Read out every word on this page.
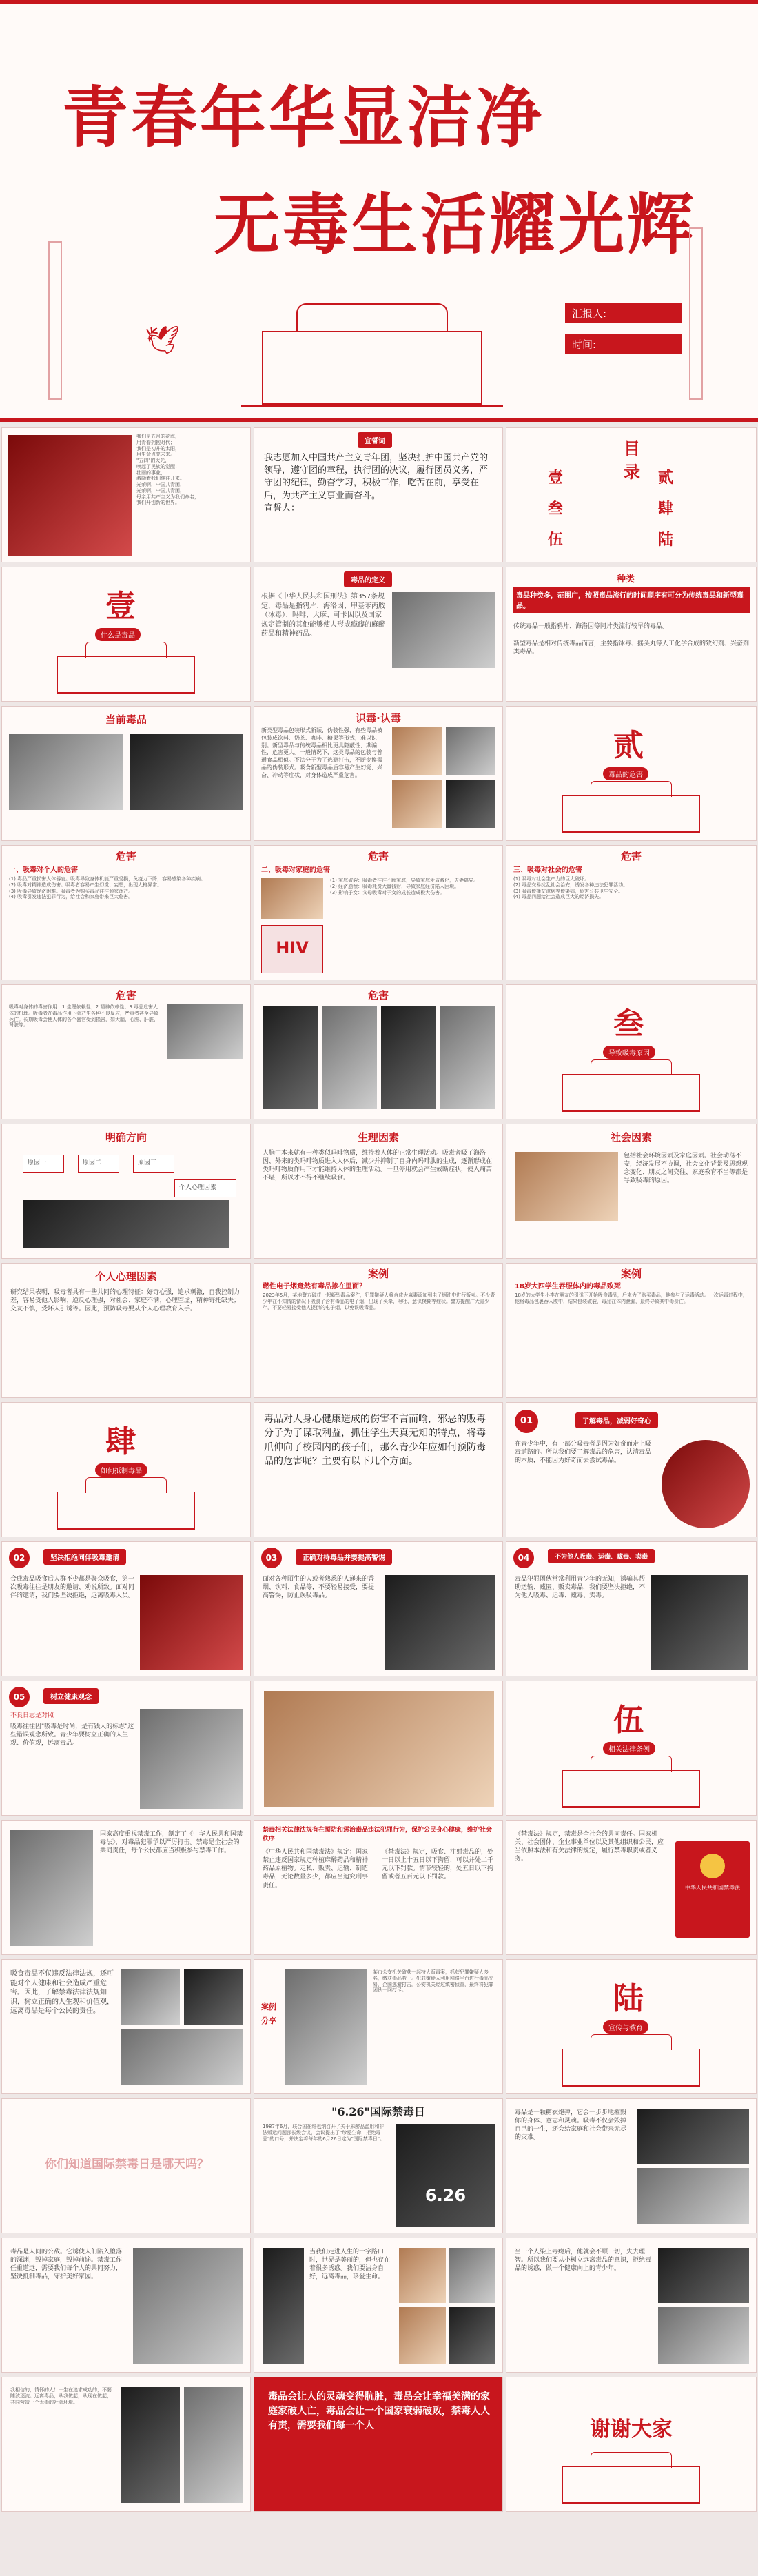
青春年华显洁净
无毒生活耀光辉
🕊
汇报人:
时间:
我们是五月的花海，
用青春拥抱时代；
我们是初升的太阳，
用生命点亮未来。
"五四"的火光，
唤起了民族的觉醒；
壮丽的事业，
激励着我们继往开来。
光荣啊，中国共青团，
光荣啊，中国共青团，
母亲用共产主义为我们命名，
我们开创新的世界。
宣誓词
我志愿加入中国共产主义青年团，坚决拥护中国共产党的领导，遵守团的章程，执行团的决议，履行团员义务，严守团的纪律，勤奋学习，积极工作，吃苦在前，享受在后，为共产主义事业而奋斗。
宣誓人：
目
录
壹	贰
叁	肆
伍	陆
壹
什么是毒品
毒品的定义
根据《中华人民共和国刑法》第357条规定，毒品是指鸦片、海洛因、甲基苯丙胺（冰毒）、吗啡、大麻、可卡因以及国家规定管制的其他能够使人形成瘾癖的麻醉药品和精神药品。
种类
毒品种类多，范围广，按照毒品流行的时间顺序有可分为传统毒品和新型毒品。
传统毒品一般指鸦片、海洛因等阿片类流行较早的毒品。
新型毒品是相对传统毒品而言，主要指冰毒、摇头丸等人工化学合成的致幻剂、兴奋剂类毒品。
当前毒品	识毒·认毒
新类型毒品包装形式新颖，伪装性强，有些毒品被包装成饮料、奶茶、咖啡、糖果等形式，难以识别。新型毒品与传统毒品相比更具隐蔽性、欺骗性，危害更大。一般情况下，这类毒品的包装与普通食品相似。不法分子为了逃避打击，不断变换毒品的伪装形式。吸食新型毒品后容易产生幻觉、兴奋、冲动等症状，对身体造成严重危害。
贰
毒品的危害
危害
一、吸毒对个人的危害
(1) 毒品严重损害人体器官。吸毒导致身体机能严重受损，免疫力下降，容易感染各种疾病。
(2) 吸毒对精神造成伤害。吸毒者容易产生幻觉、妄想，出现人格异常。
(3) 吸毒导致经济困难。吸毒者为购买毒品往往倾家荡产。
(4) 吸毒引发违法犯罪行为，给社会和家庭带来巨大危害。
危害
二、吸毒对家庭的危害
HIV
(1) 家庭破裂：吸毒者往往不顾家庭，导致家庭矛盾激化，夫妻离异。
(2) 经济崩溃：吸毒耗费大量钱财，导致家庭经济陷入困境。
(3) 影响子女：父母吸毒对子女的成长造成极大伤害。
危害
三、吸毒对社会的危害
(1) 吸毒对社会生产力的巨大破坏。
(2) 毒品交易扰乱社会治安，诱发各种违法犯罪活动。
(3) 吸毒传播艾滋病等传染病，危害公共卫生安全。
(4) 毒品问题给社会造成巨大的经济损失。
危害
吸毒对身体的毒害作用：1.生理依赖性；2.精神依赖性；3.毒品危害人体的机理。吸毒者在毒品作用下会产生各种不良反应，严重者甚至导致死亡。长期吸毒会使人体的各个器官受到损害，如大脑、心脏、肝脏、肾脏等。
危害
叁
导致吸毒原因
明确方向
原因一	原因二	原因三
个人心理因素
生理因素
人脑中本来就有一种类似吗啡物质，维持着人体的正常生理活动。吸毒者吸了海洛因、外来的类吗啡物质进入人体后，减少并抑制了自身内吗啡肽的生成，逐渐形成在类吗啡物质作用下才能维持人体的生理活动。一旦停用就会产生戒断症状，使人痛苦不堪，所以才不得不继续吸食。
社会因素
包括社会环境因素及家庭因素。社会动荡不安，经济发展不协调，社会文化背景及思想观念变化、朋友之间交往、家庭教育不当等都是导致吸毒的原因。
个人心理因素
研究结果表明，吸毒者具有一些共同的心理特征：好奇心强，追求刺激，自我控制力差，容易受他人影响；逆反心理强，对社会、家庭不满；心理空虚，精神寄托缺失；交友不慎，受坏人引诱等。因此，预防吸毒要从个人心理教育入手。
案例
燃性电子烟竟然有毒品掺在里面？
2023年5月，某地警方破获一起新型毒品案件，犯罪嫌疑人将合成大麻素添加到电子烟油中进行贩卖。不少青少年在不知情的情况下吸食了含有毒品的电子烟，出现了头晕、呕吐、意识模糊等症状。警方提醒广大青少年，不要轻易接受他人提供的电子烟，以免误吸毒品。
案例
18岁大四学生吞服体内的毒品致死
18岁的大学生小李在朋友的引诱下开始吸食毒品，后来为了购买毒品，他参与了运毒活动。一次运毒过程中，他将毒品包裹吞入腹中，结果包装破裂，毒品在体内泄漏，最终导致其中毒身亡。
肆
如何抵制毒品
毒品对人身心健康造成的伤害不言而喻，邪恶的贩毒分子为了谋取利益，抓住学生天真无知的特点，将毒爪伸向了校园内的孩子们，那么青少年应如何预防毒品的危害呢？主要有以下几个方面。
01	了解毒品，减弱好奇心
在青少年中，有一部分吸毒者是因为好奇而走上吸毒道路的。所以我们要了解毒品的危害，认清毒品的本质，不能因为好奇而去尝试毒品。
02	坚决拒绝同伴吸毒邀请
合成毒品吸食后人群不少都是聚众吸食，第一次吸毒往往是朋友的邀请、劝说所致。面对同伴的邀请，我们要坚决拒绝，远离吸毒人员。
03	正确对待毒品并要提高警惕
面对各种陌生的人或者熟悉的人递来的香烟、饮料、食品等，不要轻易接受，要提高警惕，防止误吸毒品。
04	不为他人吸毒、运毒、藏毒、卖毒
毒品犯罪团伙常常利用青少年的无知，诱骗其帮助运输、藏匿、贩卖毒品，我们要坚决拒绝，不为他人吸毒、运毒、藏毒、卖毒。
05	树立健康观念
不良日志是对照
吸毒往往因"吸毒是时尚，是有钱人的标志"这些错误观念所致。青少年要树立正确的人生观、价值观，远离毒品。
伍
相关法律条例
国家高度重视禁毒工作，制定了《中华人民共和国禁毒法》，对毒品犯罪予以严厉打击。禁毒是全社会的共同责任，每个公民都应当积极参与禁毒工作。
禁毒相关法律法规有在预防和惩治毒品违法犯罪行为，保护公民身心健康，维护社会秩序
《中华人民共和国禁毒法》规定：国家禁止违反国家规定种植麻醉药品和精神药品原植物。走私、贩卖、运输、制造毒品，无论数量多少，都应当追究刑事责任。
《禁毒法》规定，吸食、注射毒品的，处十日以上十五日以下拘留，可以并处二千元以下罚款。情节较轻的，处五日以下拘留或者五百元以下罚款。
《禁毒法》规定，禁毒是全社会的共同责任。国家机关、社会团体、企业事业单位以及其他组织和公民，应当依照本法和有关法律的规定，履行禁毒职责或者义务。
中华人民共和国禁毒法
吸食毒品不仅违反法律法规，还可能对个人健康和社会造成严重危害。因此，了解禁毒法律法规知识，树立正确的人生观和价值观，远离毒品是每个公民的责任。	案例
分享
某市公安机关破获一起特大贩毒案，抓获犯罪嫌疑人多名，缴获毒品若干。犯罪嫌疑人利用网络平台进行毒品交易，企图逃避打击。公安机关经过缜密侦查，最终将犯罪团伙一网打尽。	陆
宣传与教育
你们知道国际禁毒日是哪天吗？
"6.26"国际禁毒日
1987年6月，联合国在维也纳召开了关于麻醉品滥用和非法贩运问题部长级会议，会议提出了"珍爱生命，拒绝毒品"的口号，并决定将每年的6月26日定为"国际禁毒日"。
6.26
毒品是一颗糖衣炮弹，它会一步步地摧毁你的身体、意志和灵魂。吸毒不仅会毁掉自己的一生，还会给家庭和社会带来无尽的灾难。
毒品是人间的公敌。它诱使人们陷入堕落的深渊，毁掉家庭，毁掉前途。禁毒工作任重道远，需要我们每个人的共同努力，坚决抵制毒品，守护美好家园。
当我们走进人生的十字路口时，世界是美丽的，但也存在着很多诱惑。我们要洁身自好，远离毒品，珍爱生命。
当一个人染上毒瘾后，他就会不顾一切，失去理智。所以我们要从小树立远离毒品的意识，拒绝毒品的诱惑，做一个健康向上的青少年。
我相信的，情怀的人！一生在追求成功的，不要随波逐流。远离毒品，从我做起，从现在做起，共同营造一个无毒的社会环境。	毒品会让人的灵魂变得肮脏，毒品会让幸福美满的家庭家破人亡，毒品会让一个国家衰弱破败，禁毒人人有责，需要我们每一个人	谢谢大家
